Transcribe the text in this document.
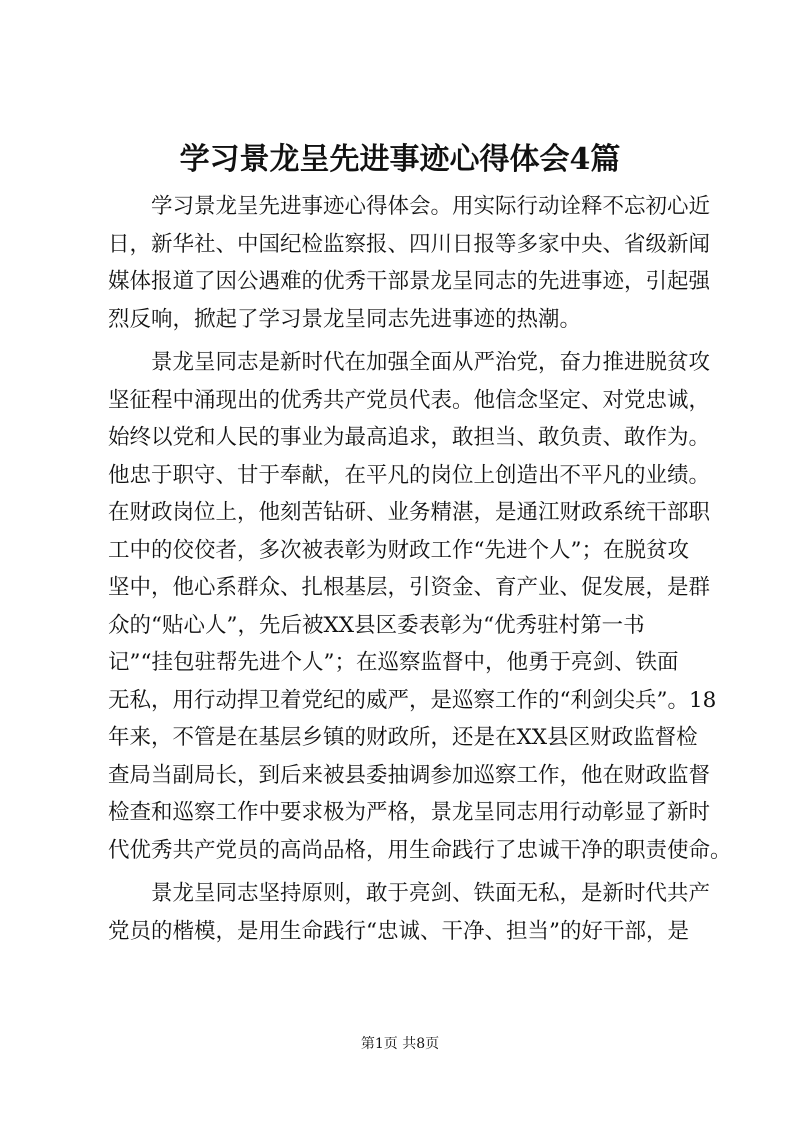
学习景龙呈先进事迹心得体会4篇

学习景龙呈先进事迹心得体会。用实际行动诠释不忘初心近
日，新华社、中国纪检监察报、四川日报等多家中央、省级新闻
媒体报道了因公遇难的优秀干部景龙呈同志的先进事迹，引起强
烈反响，掀起了学习景龙呈同志先进事迹的热潮。

景龙呈同志是新时代在加强全面从严治党，奋力推进脱贫攻
坚征程中涌现出的优秀共产党员代表。他信念坚定、对党忠诚，
始终以党和人民的事业为最高追求，敢担当、敢负责、敢作为。
他忠于职守、甘于奉献，在平凡的岗位上创造出不平凡的业绩。
在财政岗位上，他刻苦钻研、业务精湛，是通江财政系统干部职
工中的佼佼者，多次被表彰为财政工作“先进个人”；在脱贫攻
坚中，他心系群众、扎根基层，引资金、育产业、促发展，是群
众的“贴心人”，先后被XX县区委表彰为“优秀驻村第一书
记”“挂包驻帮先进个人”；在巡察监督中，他勇于亮剑、铁面
无私，用行动捍卫着党纪的威严，是巡察工作的“利剑尖兵”。18
年来，不管是在基层乡镇的财政所，还是在XX县区财政监督检
查局当副局长，到后来被县委抽调参加巡察工作，他在财政监督
检查和巡察工作中要求极为严格，景龙呈同志用行动彰显了新时
代优秀共产党员的高尚品格，用生命践行了忠诚干净的职责使命。

景龙呈同志坚持原则，敢于亮剑、铁面无私，是新时代共产
党员的楷模，是用生命践行“忠诚、干净、担当”的好干部，是

第1页 共8页
